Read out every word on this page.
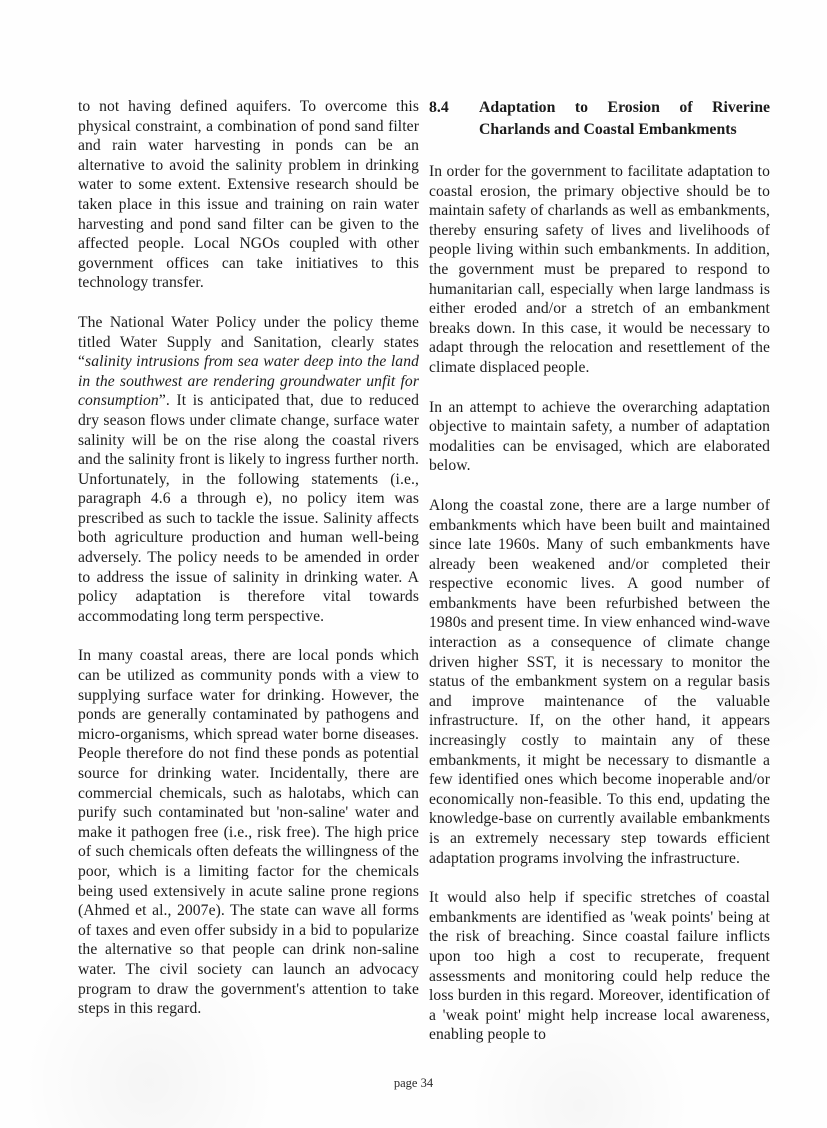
to not having defined aquifers. To overcome this physical constraint, a combination of pond sand filter and rain water harvesting in ponds can be an alternative to avoid the salinity problem in drinking water to some extent. Extensive research should be taken place in this issue and training on rain water harvesting and pond sand filter can be given to the affected people. Local NGOs coupled with other government offices can take initiatives to this technology transfer.

The National Water Policy under the policy theme titled Water Supply and Sanitation, clearly states “salinity intrusions from sea water deep into the land in the southwest are rendering groundwater unfit for consumption”. It is anticipated that, due to reduced dry season flows under climate change, surface water salinity will be on the rise along the coastal rivers and the salinity front is likely to ingress further north. Unfortunately, in the following statements (i.e., paragraph 4.6 a through e), no policy item was prescribed as such to tackle the issue. Salinity affects both agriculture production and human well-being adversely. The policy needs to be amended in order to address the issue of salinity in drinking water. A policy adaptation is therefore vital towards accommodating long term perspective.

In many coastal areas, there are local ponds which can be utilized as community ponds with a view to supplying surface water for drinking. However, the ponds are generally contaminated by pathogens and micro-organisms, which spread water borne diseases. People therefore do not find these ponds as potential source for drinking water. Incidentally, there are commercial chemicals, such as halotabs, which can purify such contaminated but 'non-saline' water and make it pathogen free (i.e., risk free). The high price of such chemicals often defeats the willingness of the poor, which is a limiting factor for the chemicals being used extensively in acute saline prone regions (Ahmed et al., 2007e). The state can wave all forms of taxes and even offer subsidy in a bid to popularize the alternative so that people can drink non-saline water. The civil society can launch an advocacy program to draw the government's attention to take steps in this regard.

8.4	Adaptation to Erosion of Riverine Charlands and Coastal Embankments

In order for the government to facilitate adaptation to coastal erosion, the primary objective should be to maintain safety of charlands as well as embankments, thereby ensuring safety of lives and livelihoods of people living within such embankments. In addition, the government must be prepared to respond to humanitarian call, especially when large landmass is either eroded and/or a stretch of an embankment breaks down. In this case, it would be necessary to adapt through the relocation and resettlement of the climate displaced people.

In an attempt to achieve the overarching adaptation objective to maintain safety, a number of adaptation modalities can be envisaged, which are elaborated below.

Along the coastal zone, there are a large number of embankments which have been built and maintained since late 1960s. Many of such embankments have already been weakened and/or completed their respective economic lives. A good number of embankments have been refurbished between the 1980s and present time. In view enhanced wind-wave interaction as a consequence of climate change driven higher SST, it is necessary to monitor the status of the embankment system on a regular basis and improve maintenance of the valuable infrastructure. If, on the other hand, it appears increasingly costly to maintain any of these embankments, it might be necessary to dismantle a few identified ones which become inoperable and/or economically non-feasible. To this end, updating the knowledge-base on currently available embankments is an extremely necessary step towards efficient adaptation programs involving the infrastructure.

It would also help if specific stretches of coastal embankments are identified as 'weak points' being at the risk of breaching. Since coastal failure inflicts upon too high a cost to recuperate, frequent assessments and monitoring could help reduce the loss burden in this regard. Moreover, identification of a 'weak point' might help increase local awareness, enabling people to

page 34
